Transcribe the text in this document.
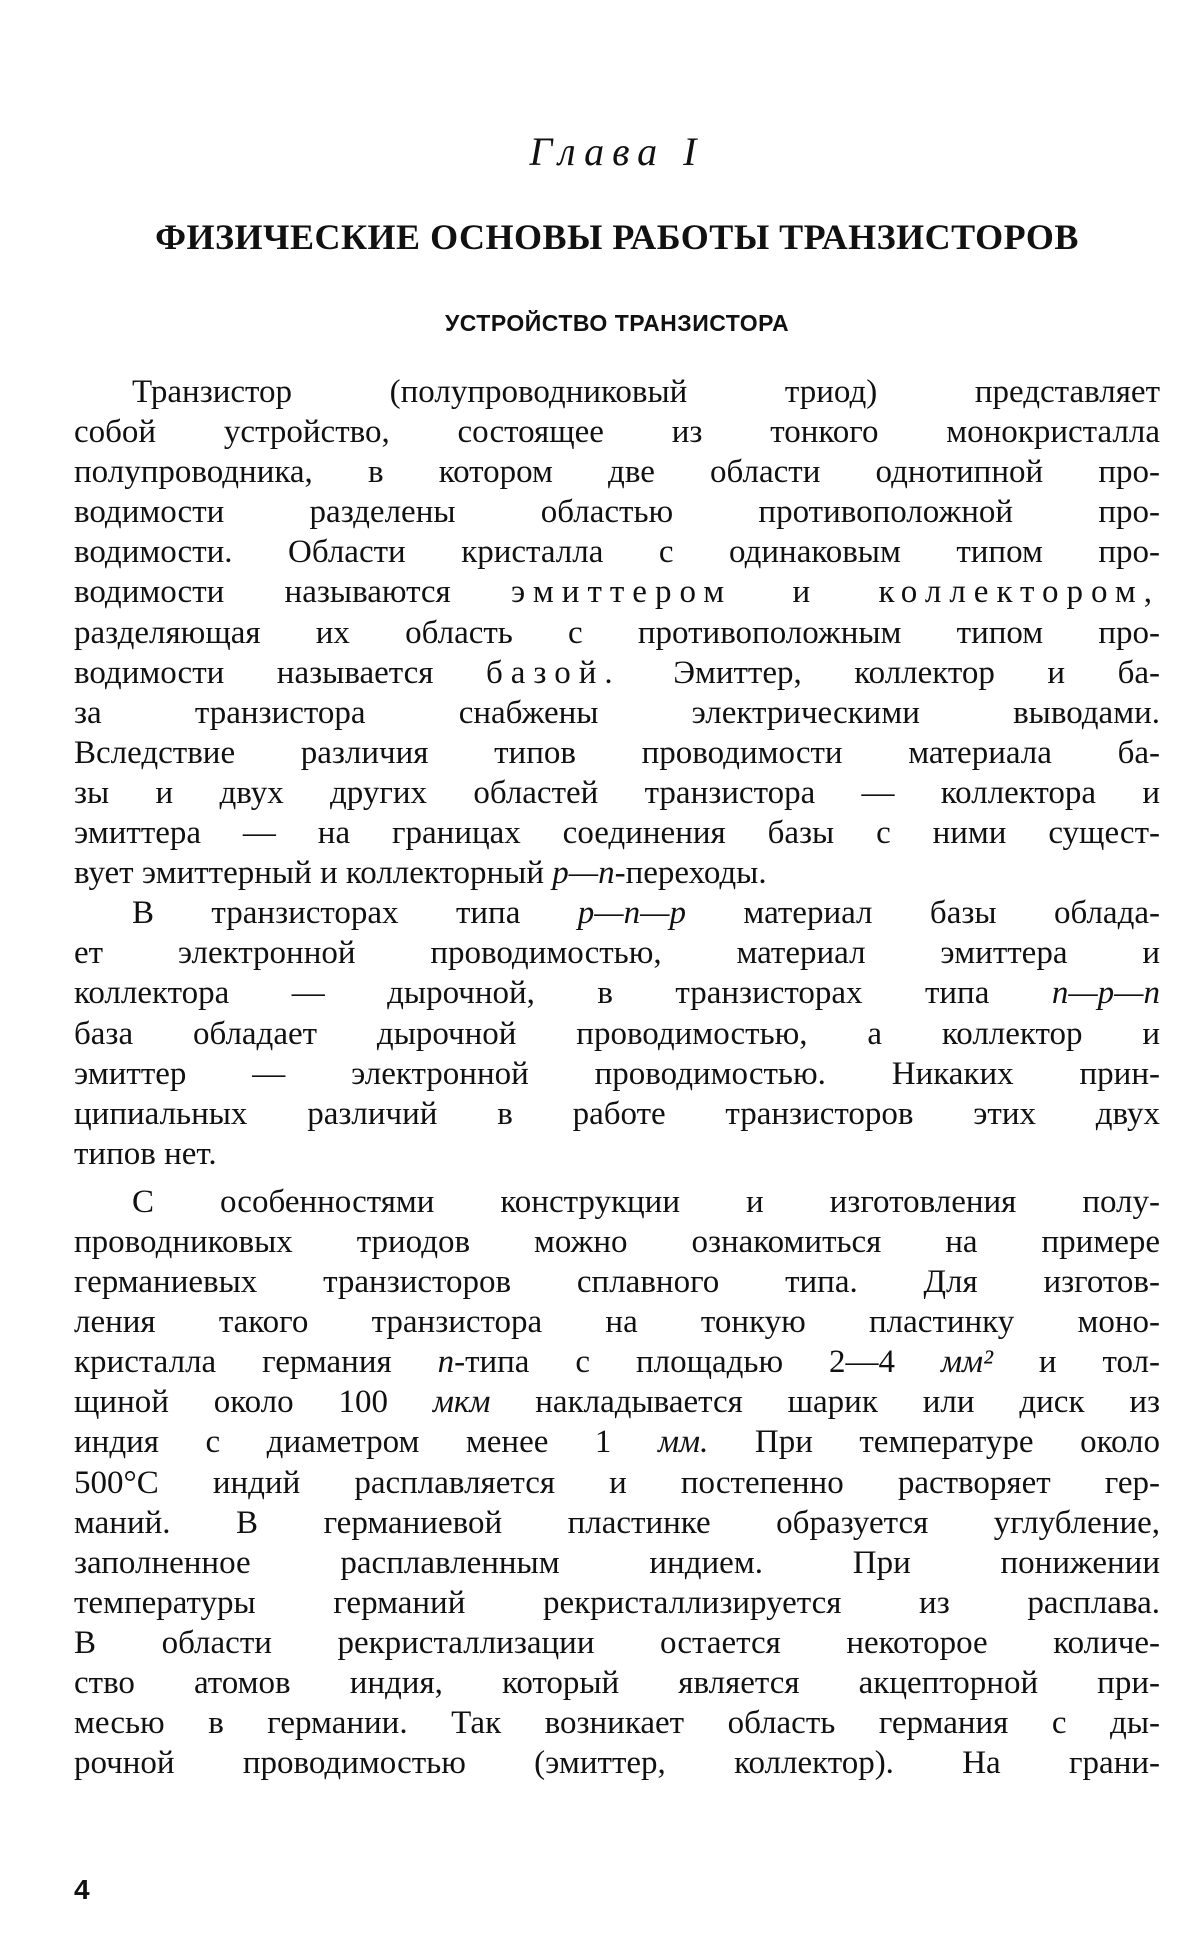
Глава I
ФИЗИЧЕСКИЕ ОСНОВЫ РАБОТЫ ТРАНЗИСТОРОВ
УСТРОЙСТВО ТРАНЗИСТОРА
Транзистор (полупроводниковый триод) представляет
собой устройство, состоящее из тонкого монокристалла
полупроводника, в котором две области однотипной про-
водимости разделены областью противоположной про-
водимости. Области кристалла с одинаковым типом про-
водимости называются эмиттером и коллектором,
разделяющая их область с противоположным типом про-
водимости называется базой. Эмиттер, коллектор и ба-
за транзистора снабжены электрическими выводами.
Вследствие различия типов проводимости материала ба-
зы и двух других областей транзистора — коллектора и
эмиттера — на границах соединения базы с ними сущест-
вует эмиттерный и коллекторный p—n-переходы.
В транзисторах типа p—n—p материал базы облада-
ет электронной проводимостью, материал эмиттера и
коллектора — дырочной, в транзисторах типа n—p—n
база обладает дырочной проводимостью, а коллектор и
эмиттер — электронной проводимостью. Никаких прин-
ципиальных различий в работе транзисторов этих двух
типов нет.
С особенностями конструкции и изготовления полу-
проводниковых триодов можно ознакомиться на примере
германиевых транзисторов сплавного типа. Для изготов-
ления такого транзистора на тонкую пластинку моно-
кристалла германия n-типа с площадью 2—4 мм² и тол-
щиной около 100 мкм накладывается шарик или диск из
индия с диаметром менее 1 мм. При температуре около
500°С индий расплавляется и постепенно растворяет гер-
маний. В германиевой пластинке образуется углубление,
заполненное расплавленным индием. При понижении
температуры германий рекристаллизируется из расплава.
В области рекристаллизации остается некоторое количе-
ство атомов индия, который является акцепторной при-
месью в германии. Так возникает область германия с ды-
рочной проводимостью (эмиттер, коллектор). На грани-
4
